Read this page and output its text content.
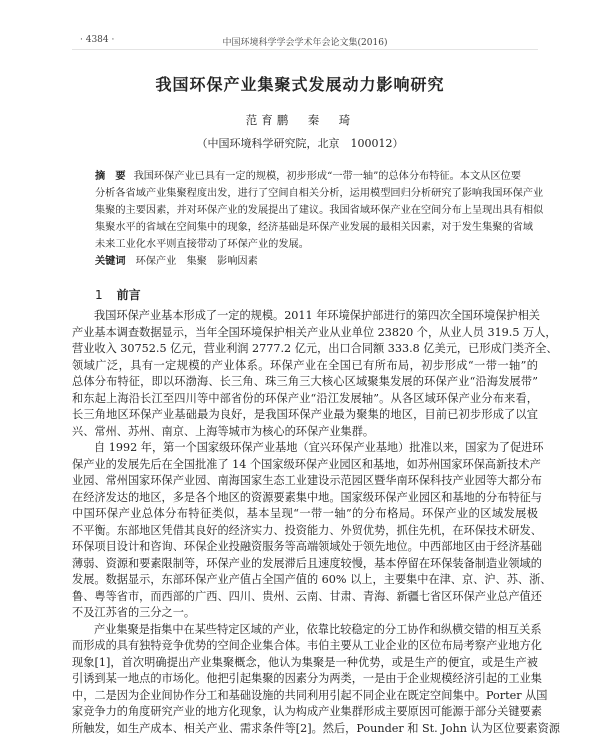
· 4384 ·	中国环境科学学会学术年会论文集(2016)
我国环保产业集聚式发展动力影响研究
范育鹏　秦　琦
（中国环境科学研究院，北京　100012）
摘　要 我国环保产业已具有一定的规模，初步形成“一带一轴”的总体分布特征。本文从区位要
分析各省域产业集聚程度出发，进行了空间自相关分析，运用模型回归分析研究了影响我国环保产业
集聚的主要因素，并对环保产业的发展提出了建议。我国省域环保产业在空间分布上呈现出具有相似
集聚水平的省域在空间集中的现象，经济基础是环保产业发展的最相关因素，对于发生集聚的省域
未来工业化水平则直接带动了环保产业的发展。
关键词 环保产业　集聚　影响因素
1 前言
我国环保产业基本形成了一定的规模。2011 年环境保护部进行的第四次全国环境保护相关
产业基本调查数据显示，当年全国环境保护相关产业从业单位 23820 个，从业人员 319.5 万人，
营业收入 30752.5 亿元，营业利润 2777.2 亿元，出口合同额 333.8 亿美元，已形成门类齐全、
领域广泛，具有一定规模的产业体系。环保产业在全国已有所布局，初步形成“一带一轴”的
总体分布特征，即以环渤海、长三角、珠三角三大核心区域聚集发展的环保产业“沿海发展带”
和东起上海沿长江至四川等中部省份的环保产业“沿江发展轴”。从各区域环保产业分布来看，
长三角地区环保产业基础最为良好，是我国环保产业最为聚集的地区，目前已初步形成了以宜
兴、常州、苏州、南京、上海等城市为核心的环保产业集群。
自 1992 年，第一个国家级环保产业基地（宜兴环保产业基地）批准以来，国家为了促进环
保产业的发展先后在全国批准了 14 个国家级环保产业园区和基地，如苏州国家环保高新技术产
业园、常州国家环保产业园、南海国家生态工业建设示范园区暨华南环保科技产业园等大都分布
在经济发达的地区，多是各个地区的资源要素集中地。国家级环保产业园区和基地的分布特征与
中国环保产业总体分布特征类似，基本呈现“一带一轴”的分布格局。环保产业的区域发展极
不平衡。东部地区凭借其良好的经济实力、投资能力、外贸优势，抓住先机，在环保技术研发、
环保项目设计和咨询、环保企业投融资服务等高端领域处于领先地位。中西部地区由于经济基础
薄弱、资源和要素限制等，环保产业的发展滞后且速度较慢，基本停留在环保装备制造业领域的
发展。数据显示，东部环保产业产值占全国产值的 60% 以上，主要集中在津、京、沪、苏、浙、
鲁、粤等省市，而西部的广西、四川、贵州、云南、甘肃、青海、新疆七省区环保产业总产值还
不及江苏省的三分之一。
产业集聚是指集中在某些特定区域的产业，依靠比较稳定的分工协作和纵横交错的相互关系
而形成的具有独特竞争优势的空间企业集合体。韦伯主要从工业企业的区位布局考察产业地方化
现象[1]，首次明确提出产业集聚概念，他认为集聚是一种优势，或是生产的便宜，或是生产被
引诱到某一地点的市场化。他把引起集聚的因素分为两类，一是由于企业规模经济引起的工业集
中，二是因为企业间协作分工和基础设施的共同利用引起不同企业在既定空间集中。Porter 从国
家竞争力的角度研究产业的地方化现象，认为构成产业集群形成主要原因可能源于部分关键要素
所触发，如生产成本、相关产业、需求条件等[2]。然后，Pounder 和 St. John 认为区位要素资源
